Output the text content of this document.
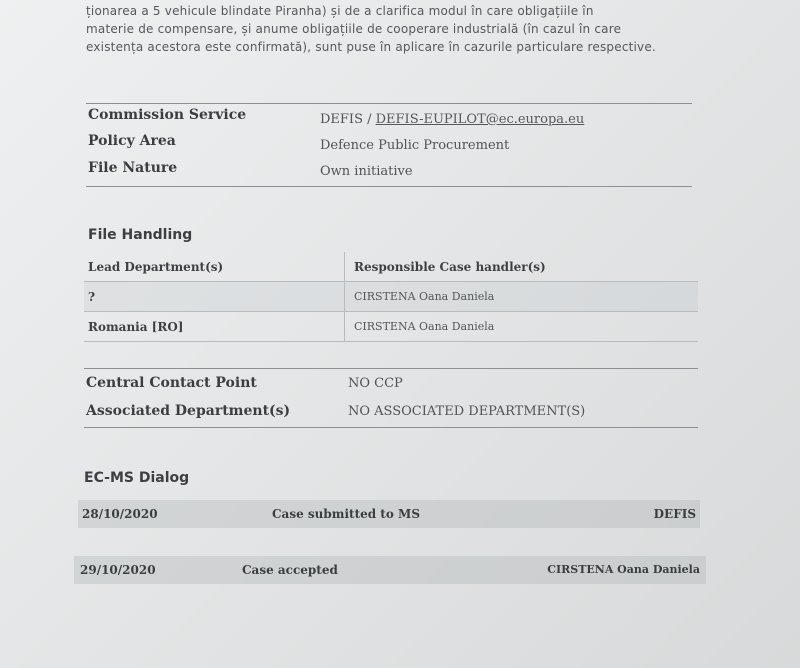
ționarea a 5 vehicule blindate Piranha) și de a clarifica modul în care obligațiile în
materie de compensare, și anume obligațiile de cooperare industrială (în cazul în care
existența acestora este confirmată), sunt puse în aplicare în cazurile particulare respective.
Commission Service	DEFIS / DEFIS-EUPILOT@ec.europa.eu
Policy Area	Defence Public Procurement
File Nature	Own initiative
File Handling
Lead Department(s)	Responsible Case handler(s)
?	CIRSTENA Oana Daniela
Romania [RO]	CIRSTENA Oana Daniela
Central Contact Point	NO CCP
Associated Department(s)	NO ASSOCIATED DEPARTMENT(S)
EC-MS Dialog
28/10/2020	Case submitted to MS	DEFIS
29/10/2020	Case accepted	CIRSTENA Oana Daniela
